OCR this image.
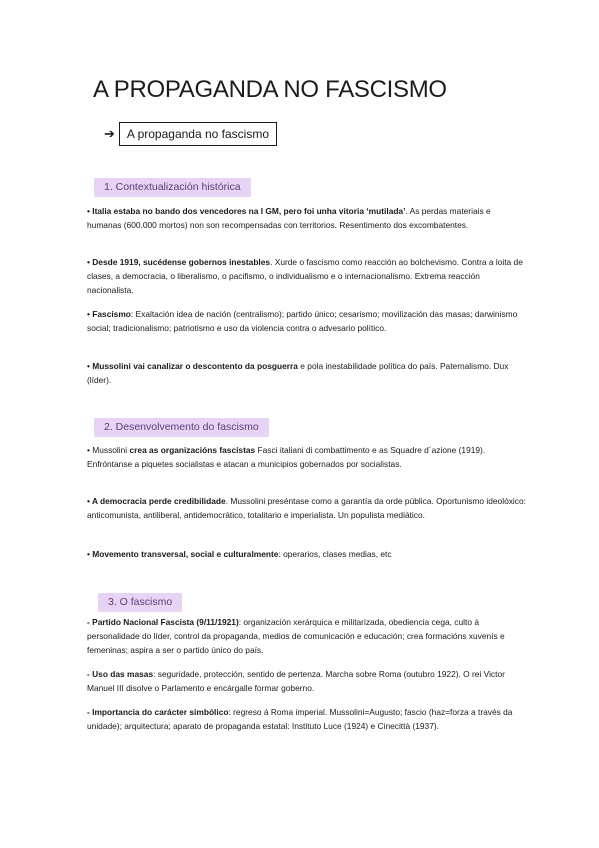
A PROPAGANDA NO FASCISMO
➔	A propaganda no fascismo
1. Contextualización histórica

• Italia estaba no bando dos vencedores na I GM, pero foi unha vitoria ‘mutilada’. As perdas materiais e humanas (600.000 mortos) non son recompensadas con territorios. Resentimento dos excombatentes.

• Desde 1919, sucédense gobernos inestables. Xurde o fascismo como reacción ao bolchevismo. Contra a loita de clases, a democracia, o liberalismo, o pacifismo, o individualismo e o internacionalismo. Extrema reacción nacionalista.

• Fascismo: Exaltación idea de nación (centralismo); partido único; cesarismo; movilización das masas; darwinismo social; tradicionalismo; patriotismo e uso da violencia contra o advesario político.

• Mussolini vai canalizar o descontento da posguerra e pola inestabilidade política do país. Paternalismo. Dux (líder).

2. Desenvolvemento do fascismo

• Mussolini crea as organizacións fascistas Fasci italiani di combattimento e as Squadre d´azione (1919). Enfróntanse a piquetes socialistas e atacan a municipios gobernados por socialistas.

• A democracia perde credibilidade. Mussolini preséntase como a garantía da orde pública. Oportunismo ideolóxico: anticomunista, antiliberal, antidemocrático, totalitario e imperialista. Un populista mediático.

• Movemento transversal, social e culturalmente: operarios, clases medias, etc

3. O fascismo

- Partido Nacional Fascista (9/11/1921): organización xerárquica e militarizada, obediencia cega, culto á personalidade do líder, control da propaganda, medios de comunicación e educación; crea formacións xuvenís e femeninas; aspira a ser o partido único do país.

- Uso das masas: seguridade, protección, sentido de pertenza. Marcha sobre Roma (outubro 1922). O rei Victor Manuel III disolve o Parlamento e encárgalle formar goberno.

- Importancia do carácter simbólico: regreso á Roma imperial. Mussolini=Augusto; fascio (haz=forza a través da unidade); arquitectura; aparato de propaganda estatal: Instituto Luce (1924) e Cinecittà (1937).
